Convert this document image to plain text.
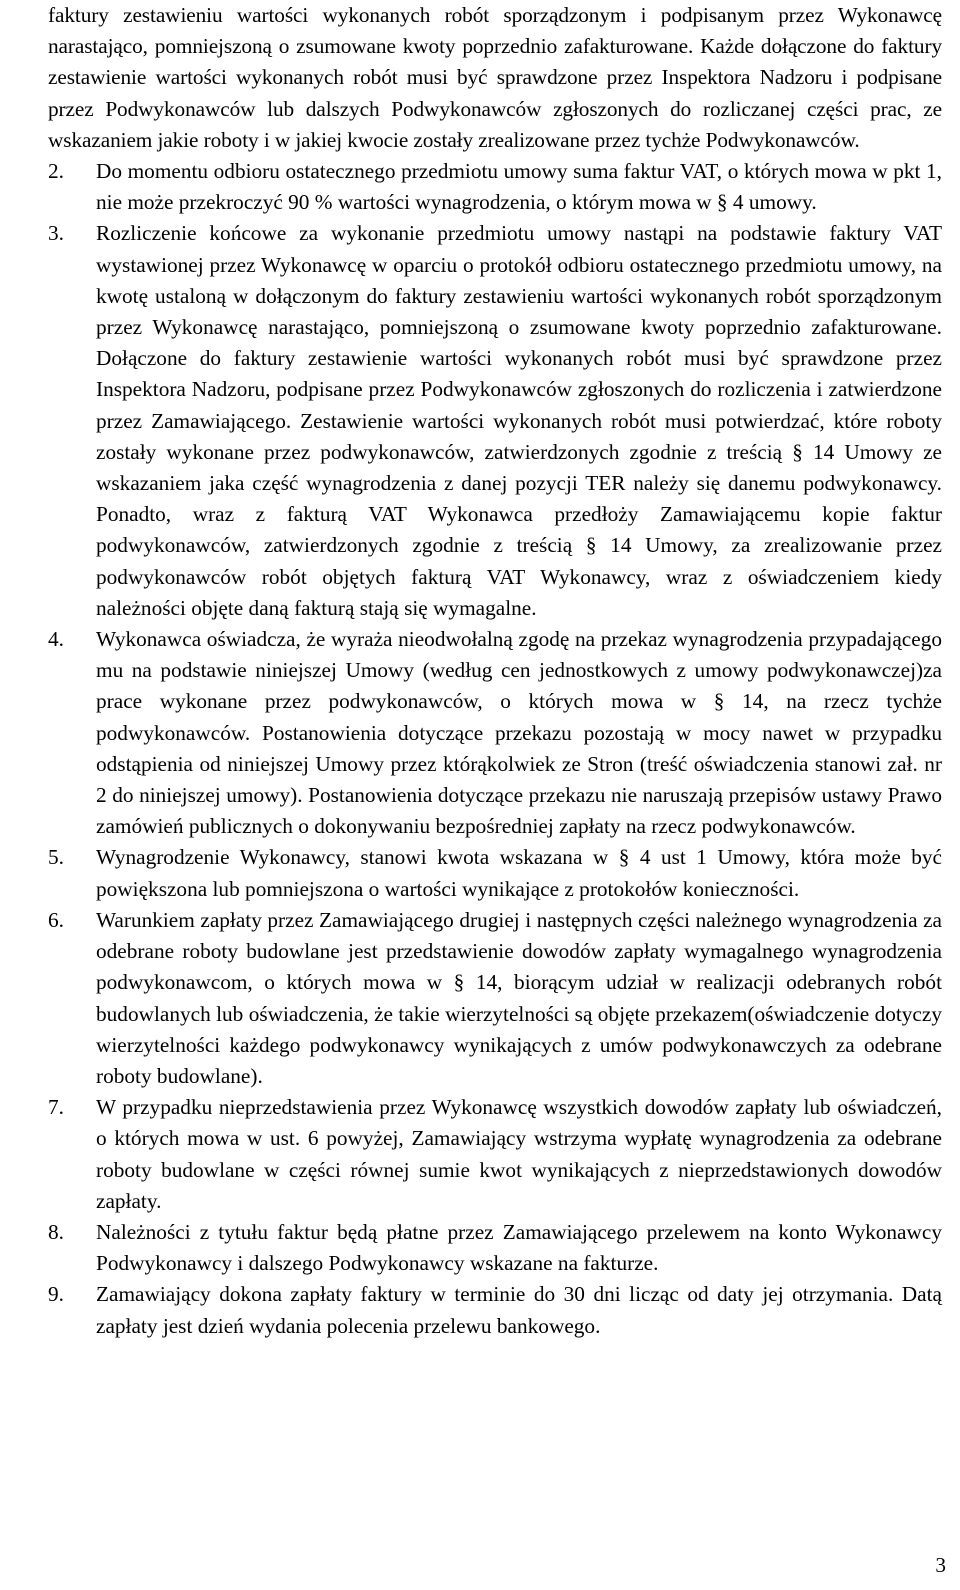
faktury zestawieniu wartości wykonanych robót sporządzonym i podpisanym przez Wykonawcę narastająco, pomniejszoną o zsumowane kwoty poprzednio zafakturowane. Każde dołączone do faktury zestawienie wartości wykonanych robót musi być sprawdzone przez Inspektora Nadzoru i podpisane przez Podwykonawców lub dalszych Podwykonawców zgłoszonych do rozliczanej części prac, ze wskazaniem jakie roboty i w jakiej kwocie zostały zrealizowane przez tychże Podwykonawców.

2.	Do momentu odbioru ostatecznego przedmiotu umowy suma faktur VAT, o których mowa w pkt 1, nie może przekroczyć 90 % wartości wynagrodzenia, o którym mowa w § 4 umowy.
3.	Rozliczenie końcowe za wykonanie przedmiotu umowy nastąpi na podstawie faktury VAT wystawionej przez Wykonawcę w oparciu o protokół odbioru ostatecznego przedmiotu umowy, na kwotę ustaloną w dołączonym do faktury zestawieniu wartości wykonanych robót sporządzonym przez Wykonawcę narastająco, pomniejszoną o zsumowane kwoty poprzednio zafakturowane. Dołączone do faktury zestawienie wartości wykonanych robót musi być sprawdzone przez Inspektora Nadzoru, podpisane przez Podwykonawców zgłoszonych do rozliczenia i zatwierdzone przez Zamawiającego. Zestawienie wartości wykonanych robót musi potwierdzać, które roboty zostały wykonane przez podwykonawców, zatwierdzonych zgodnie z treścią § 14 Umowy ze wskazaniem jaka część wynagrodzenia z danej pozycji TER należy się danemu podwykonawcy. Ponadto, wraz z fakturą VAT Wykonawca przedłoży Zamawiającemu kopie faktur podwykonawców, zatwierdzonych zgodnie z treścią § 14 Umowy, za zrealizowanie przez podwykonawców robót objętych fakturą VAT Wykonawcy, wraz z oświadczeniem kiedy należności objęte daną fakturą stają się wymagalne.
4.	Wykonawca oświadcza, że wyraża nieodwołalną zgodę na przekaz wynagrodzenia przypadającego mu na podstawie niniejszej Umowy (według cen jednostkowych z umowy podwykonawczej)za prace wykonane przez podwykonawców, o których mowa w § 14, na rzecz tychże podwykonawców. Postanowienia dotyczące przekazu pozostają w mocy nawet w przypadku odstąpienia od niniejszej Umowy przez którąkolwiek ze Stron (treść oświadczenia stanowi zał. nr 2 do niniejszej umowy). Postanowienia dotyczące przekazu nie naruszają przepisów ustawy Prawo zamówień publicznych o dokonywaniu bezpośredniej zapłaty na rzecz podwykonawców.
5.	Wynagrodzenie Wykonawcy, stanowi kwota wskazana w § 4 ust 1 Umowy, która może być powiększona lub pomniejszona o wartości wynikające z protokołów konieczności.
6.	Warunkiem zapłaty przez Zamawiającego drugiej i następnych części należnego wynagrodzenia za odebrane roboty budowlane jest przedstawienie dowodów zapłaty wymagalnego wynagrodzenia podwykonawcom, o których mowa w § 14, biorącym udział w realizacji odebranych robót budowlanych lub oświadczenia, że takie wierzytelności są objęte przekazem(oświadczenie dotyczy wierzytelności każdego podwykonawcy wynikających z umów podwykonawczych za odebrane roboty budowlane).
7.	W przypadku nieprzedstawienia przez Wykonawcę wszystkich dowodów zapłaty lub oświadczeń, o których mowa w ust. 6 powyżej, Zamawiający wstrzyma wypłatę wynagrodzenia za odebrane roboty budowlane w części równej sumie kwot wynikających z nieprzedstawionych dowodów zapłaty.
8.	Należności z tytułu faktur będą płatne przez Zamawiającego przelewem na konto Wykonawcy Podwykonawcy i dalszego Podwykonawcy wskazane na fakturze.
9.	Zamawiający dokona zapłaty faktury w terminie do 30 dni licząc od daty jej otrzymania. Datą zapłaty jest dzień wydania polecenia przelewu bankowego.
3
